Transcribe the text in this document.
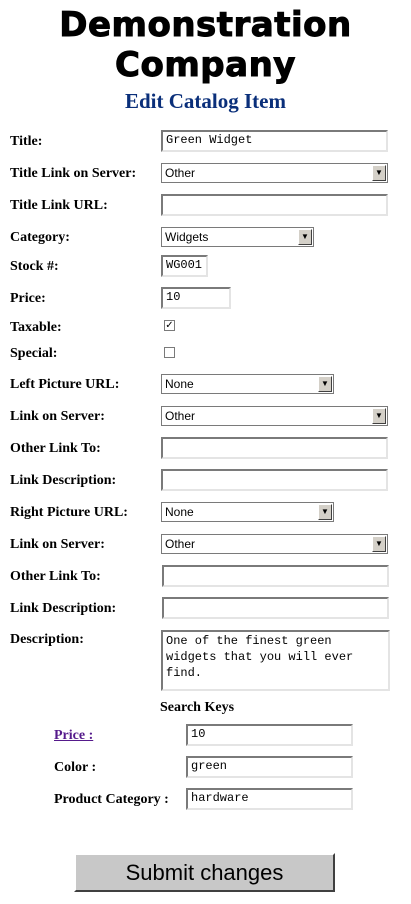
Demonstration
Company
Edit Catalog Item
Title:	Green Widget
Title Link on Server:	Other	▼
Title Link URL:
Category:	Widgets	▼
Stock #:	WG001
Price:	10
Taxable:	✓
Special:
Left Picture URL:	None	▼
Link on Server:	Other	▼
Other Link To:
Link Description:
Right Picture URL:	None	▼
Link on Server:	Other	▼
Other Link To:
Link Description:
Description:	One of the finest green widgets that you will ever find.
Search Keys
Price :	10
Color :	green
Product Category :	hardware
Submit changes
